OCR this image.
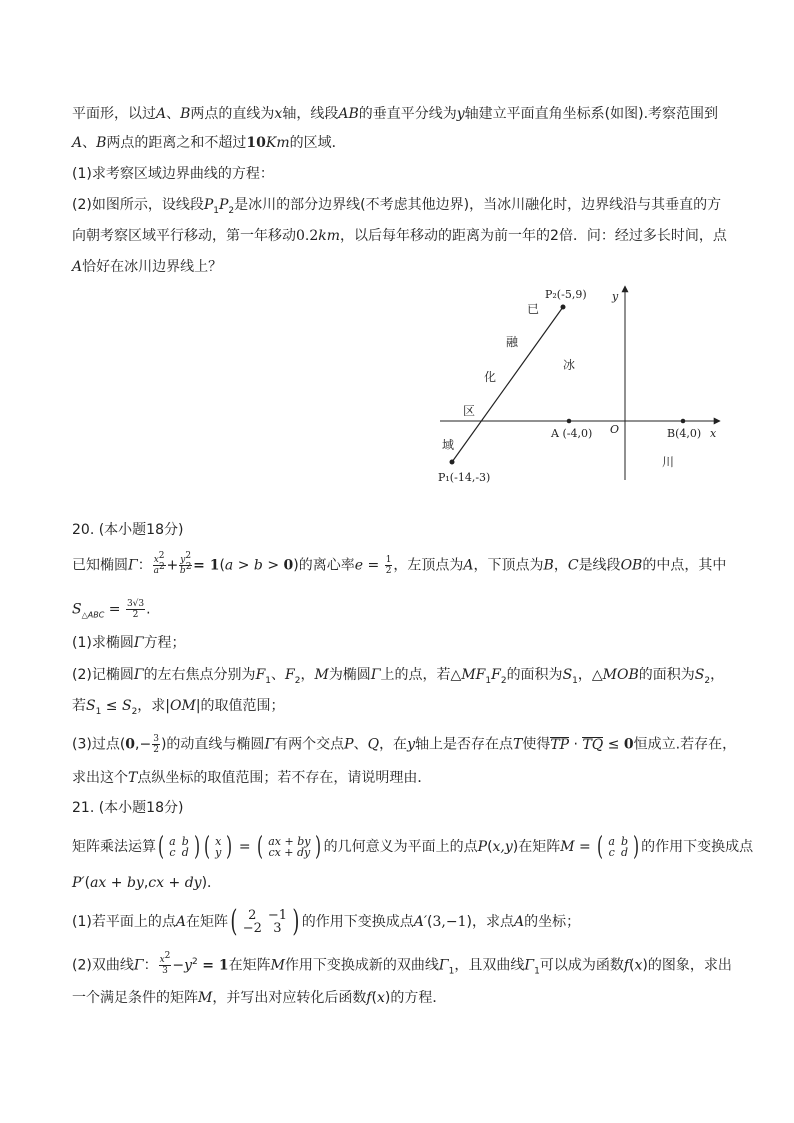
平面形，以过A、B两点的直线为x轴，线段AB的垂直平分线为y轴建立平面直角坐标系(如图).考察范围到
A、B两点的距离之和不超过10Km的区域．
(1)求考察区域边界曲线的方程：
(2)如图所示，设线段$P_1P_2$是冰川的部分边界线(不考虑其他边界)，当冰川融化时，边界线沿与其垂直的方
向朝考察区域平行移动，第一年移动0.2km，以后每年移动的距离为前一年的2倍．问：经过多长时间，点
A恰好在冰川边界线上？
P₂(-5,9)
P₁(-14,-3)
A (-4,0)	B(4,0)
O	x
y
已
融
化
区
域
冰
川
20. (本小题18分)
已知椭圆Γ： $\frac{x^2}{a^2} + \frac{y^2}{b^2} = 1(a > b > 0)$的离心率$e = \frac{1}{2}$ ，左顶点为A，下顶点为B，C是线段OB的中点，其中
$S_{\triangle ABC} = \frac{3√3}{2}$ .
(1)求椭圆Γ方程；
(2)记椭圆Γ的左右焦点分别为$F_1$、$F_2$，M为椭圆Γ上的点，若$\triangle MF_1F_2$的面积为$S_1$，△MOB的面积为$S_2$，
若$S_1 \le S_2$，求|OM|的取值范围；
(3)过点($0,- \frac{3}{2}$ )的动直线与椭圆Γ有两个交点P、Q，在y轴上是否存在点T使得TP · TQ ≤ 0恒成立.若存在，
求出这个T点纵坐标的取值范围；若不存在，请说明理由．
21. (本小题18分)
矩阵乘法运算 ( a	b
c	d ) ( x
y ) = ( ax + by
cx + dy ) 的几何意义为平面上的点P(x,y)在矩阵M = ( a	b
c	d ) 的作用下变换成点
P′(ax + by,cx + dy)．
(1)若平面上的点A在矩阵 ( 2	−1
−2	3 ) 的作用下变换成点A′(3,−1)，求点A的坐标；
(2)双曲线Γ： $\frac{x^2}{3} -y^2 = 1$在矩阵M作用下变换成新的双曲线$\Gamma_1$，且双曲线$\Gamma_1$可以成为函数f(x)的图象，求出
一个满足条件的矩阵M，并写出对应转化后函数f(x)的方程．
